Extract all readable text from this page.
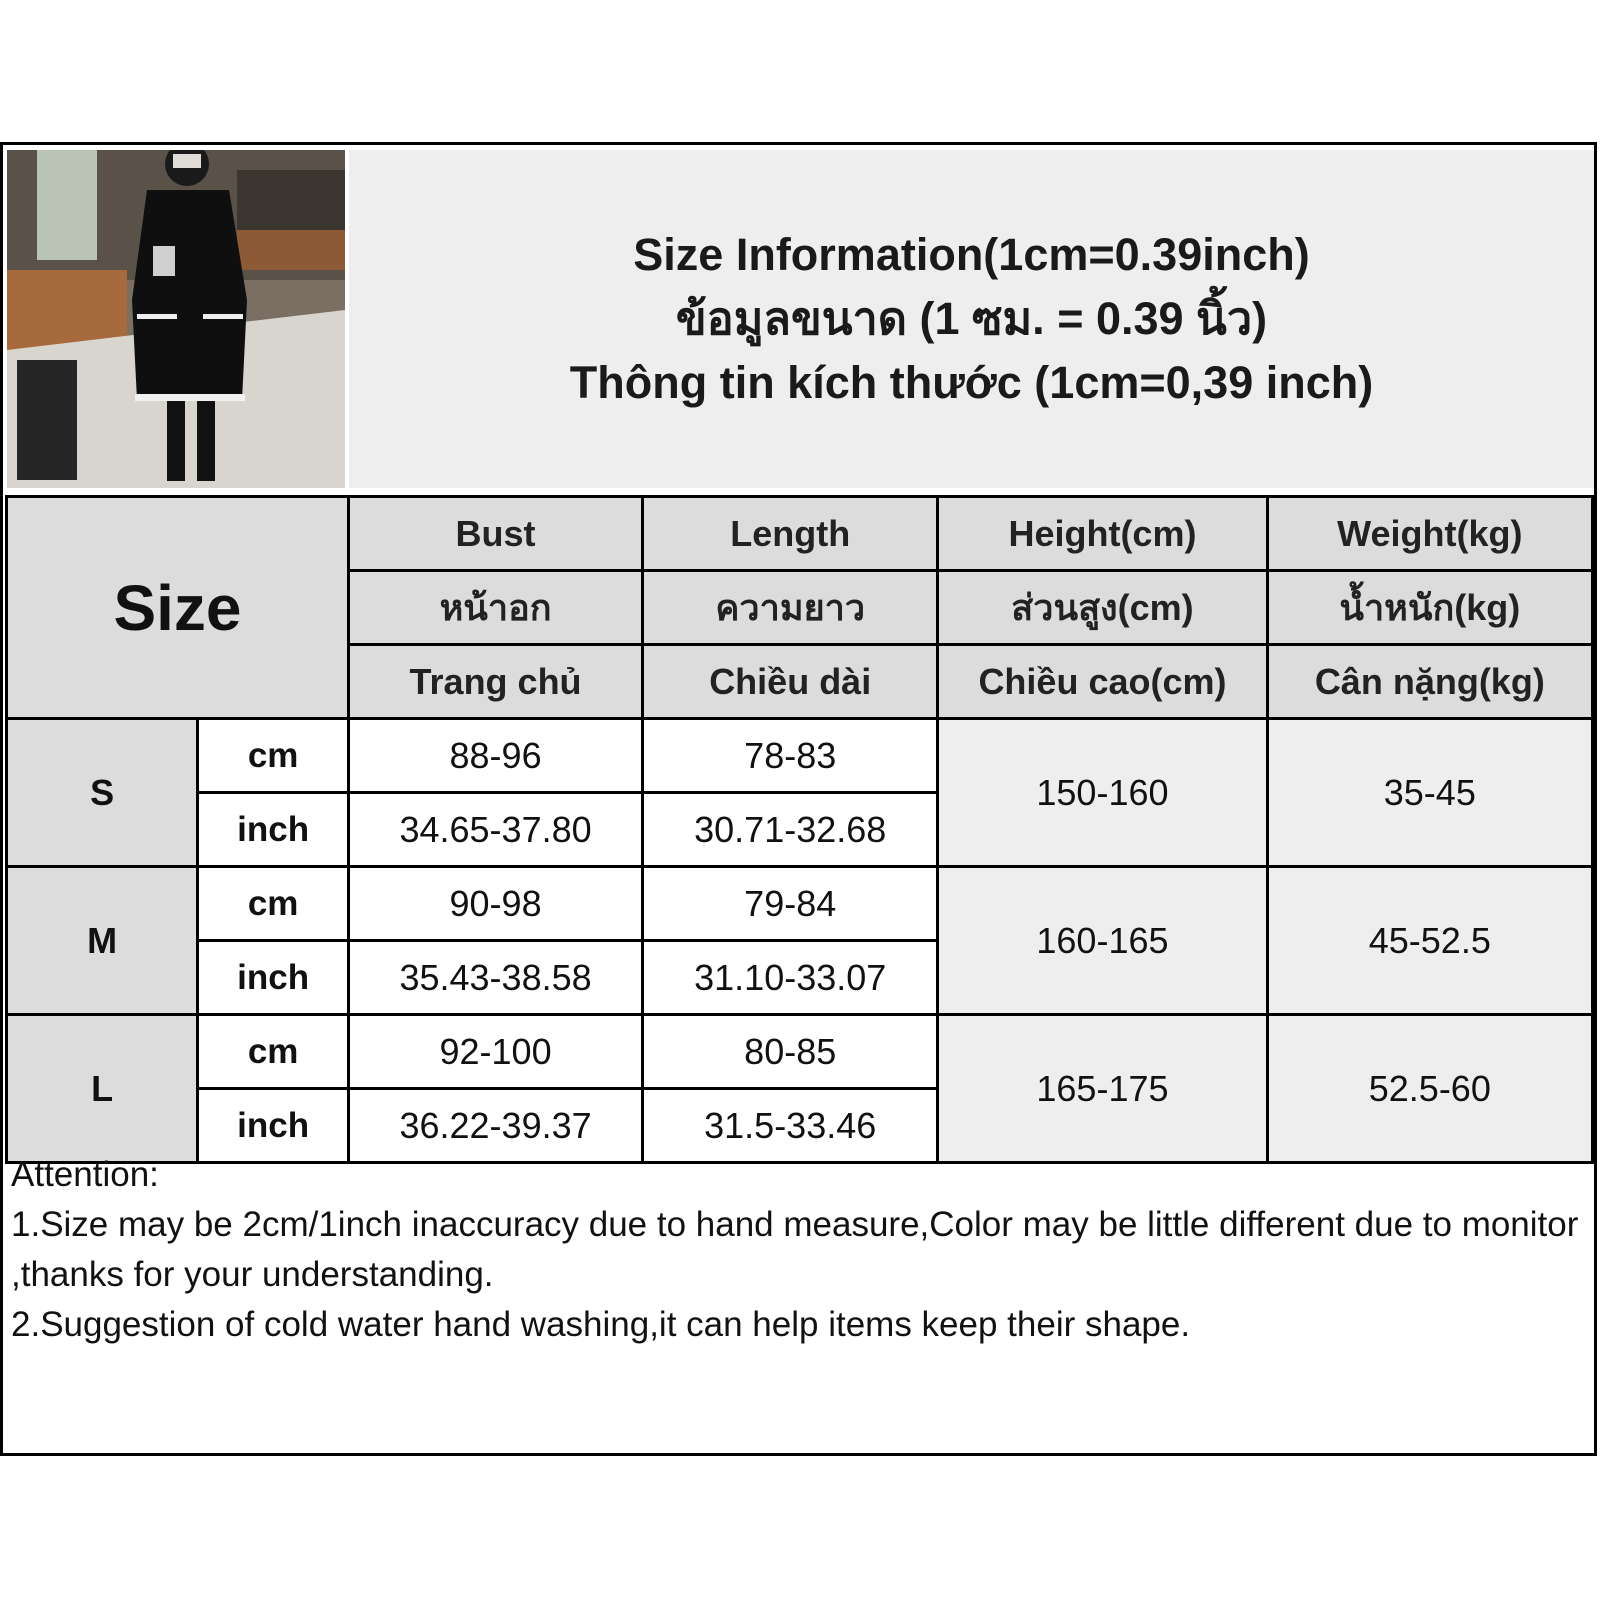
Size Information(1cm=0.39inch)
ข้อมูลขนาด (1 ซม. = 0.39 นิ้ว)
Thông tin kích thước (1cm=0,39 inch)
Size		Bust	Length	Height(cm)	Weight(kg)
		หน้าอก	ความยาว	ส่วนสูง(cm)	น้ำหนัก(kg)
		Trang chủ	Chiều dài	Chiều cao(cm)	Cân nặng(kg)
S	cm	88-96	78-83	150-160	35-45
	inch	34.65-37.80	30.71-32.68		
M	cm	90-98	79-84	160-165	45-52.5
	inch	35.43-38.58	31.10-33.07		
L	cm	92-100	80-85	165-175	52.5-60
	inch	36.22-39.37	31.5-33.46		
Attention:
1.Size may be 2cm/1inch inaccuracy due to hand measure,Color may be little different due to monitor ,thanks for your understanding.
2.Suggestion of cold water hand washing,it can help items keep their shape.
